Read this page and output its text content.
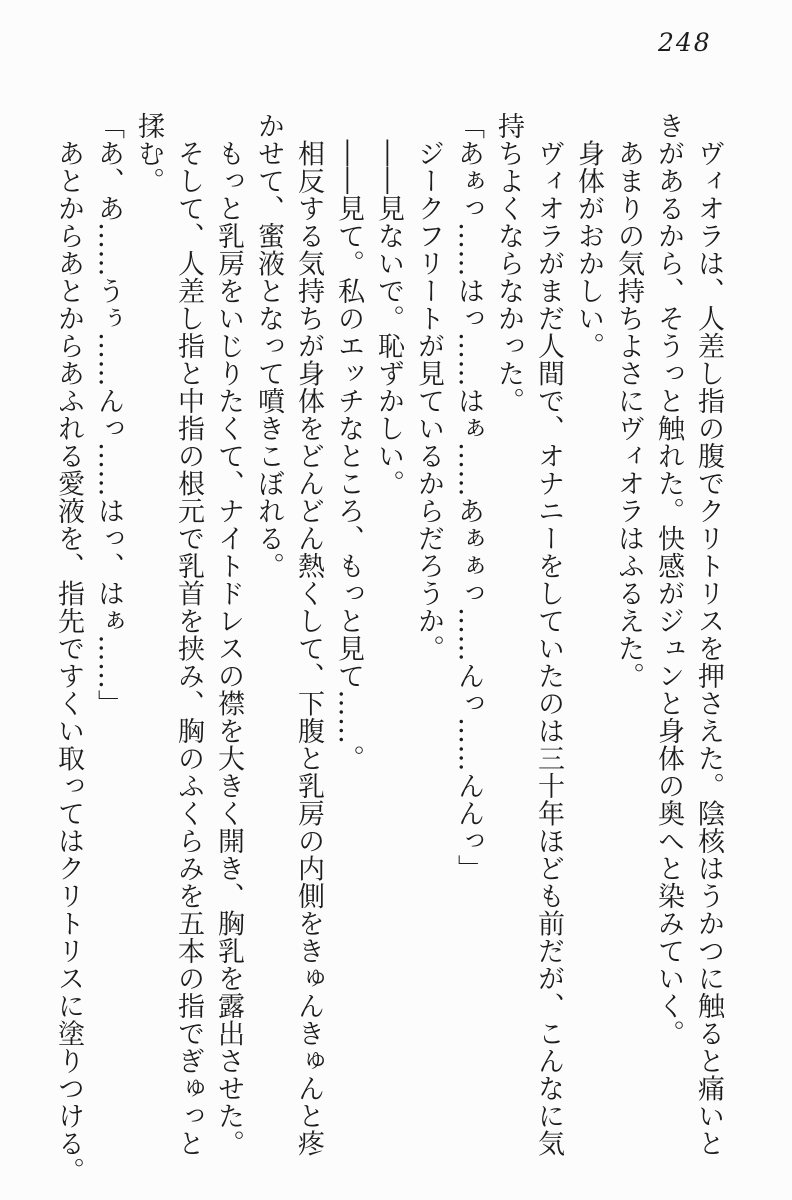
248
　ヴィオラは、人差し指の腹でクリトリスを押さえた。陰核はうかつに触ると痛いと
きがあるから、そうっと触れた。快感がジュンと身体の奥へと染みていく。
　あまりの気持ちよさにヴィオラはふるえた。
　身体がおかしい。
　ヴィオラがまだ人間で、オナニーをしていたのは三十年ほども前だが、こんなに気
持ちよくならなかった。
「あぁっ……はっ……はぁ……あぁぁっ……んっ……んんっ」
　ジークフリートが見ているからだろうか。
　――見ないで。恥ずかしい。
　――見て。私のエッチなところ、もっと見て……。
　相反する気持ちが身体をどんどん熱くして、下腹と乳房の内側をきゅんきゅんと疼
かせて、蜜液となって噴きこぼれる。
　もっと乳房をいじりたくて、ナイトドレスの襟を大きく開き、胸乳を露出させた。
　そして、人差し指と中指の根元で乳首を挟み、胸のふくらみを五本の指でぎゅっと
揉む。
「あ、あ……うぅ……んっ……はっ、はぁ……」
　あとからあとからあふれる愛液を、指先ですくい取ってはクリトリスに塗りつける。
